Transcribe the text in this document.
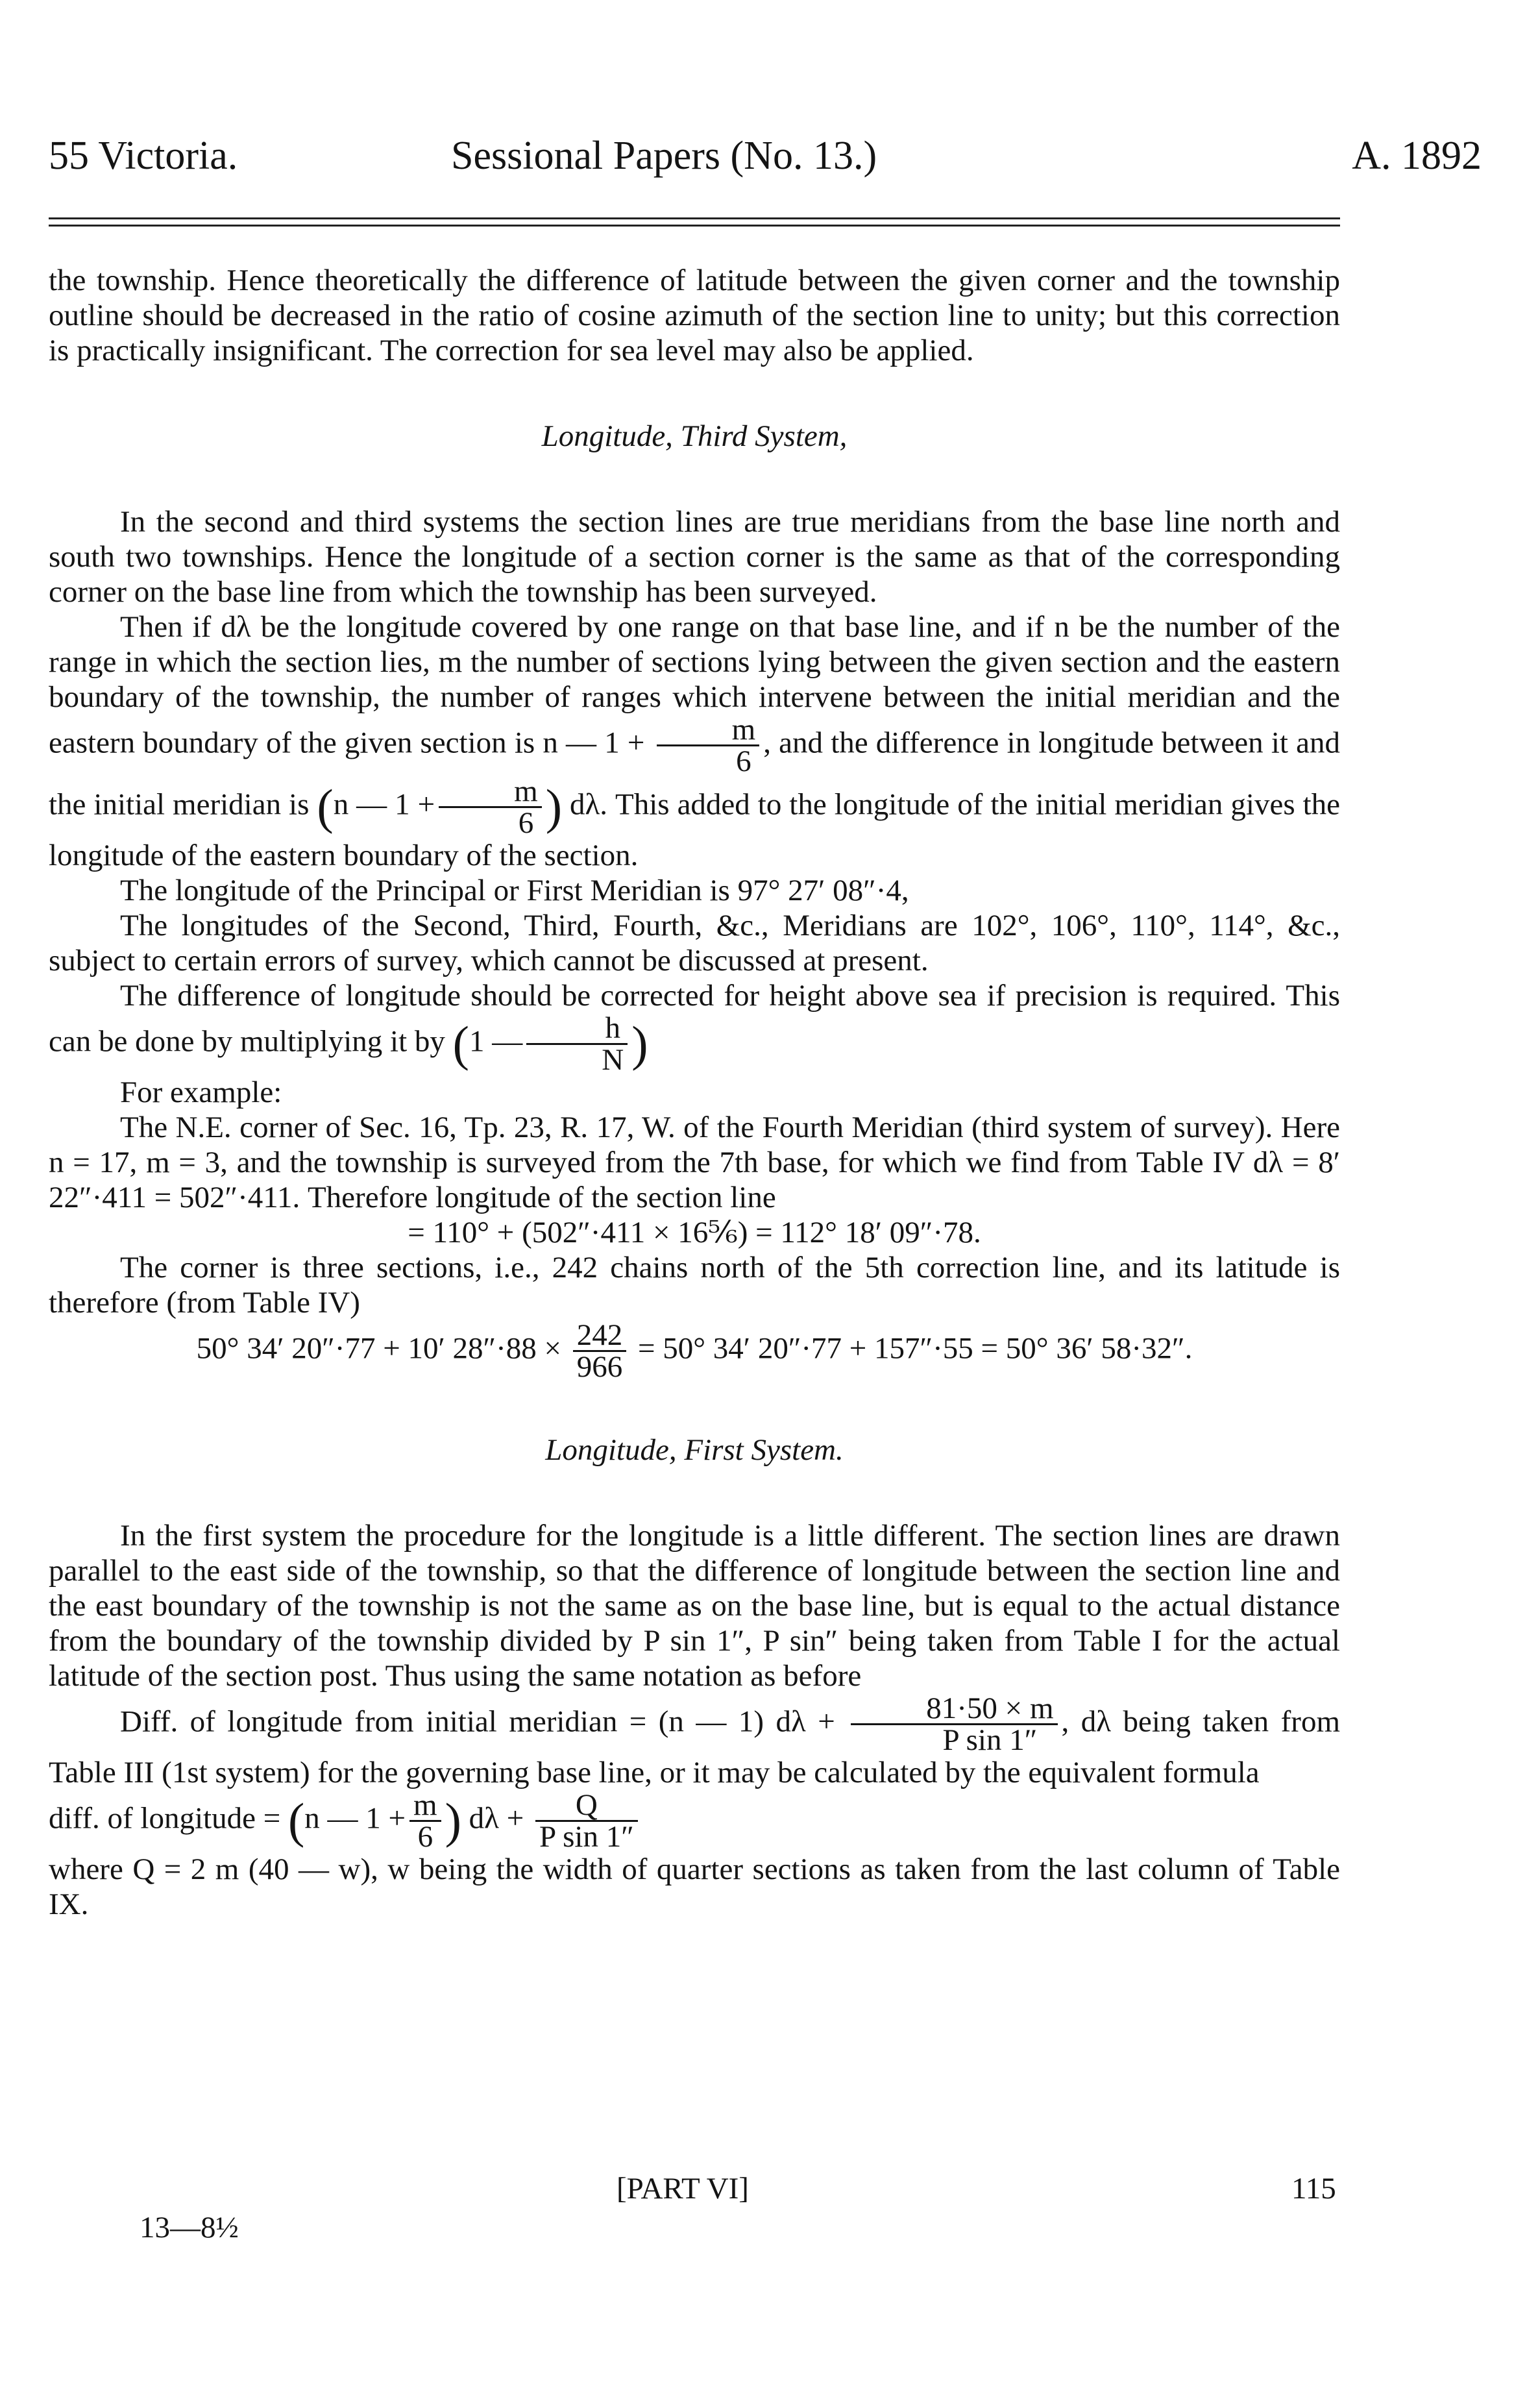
55 Victoria.	Sessional Papers (No. 13.)	A. 1892

the township. Hence theoretically the difference of latitude between the given corner and the township outline should be decreased in the ratio of cosine azimuth of the section line to unity; but this correction is practically insignificant. The correction for sea level may also be applied.

Longitude, Third System,

In the second and third systems the section lines are true meridians from the base line north and south two townships. Hence the longitude of a section corner is the same as that of the corresponding corner on the base line from which the township has been surveyed.

Then if dλ be the longitude covered by one range on that base line, and if n be the number of the range in which the section lies, m the number of sections lying between the given section and the eastern boundary of the township, the number of ranges which intervene between the initial meridian and the eastern boundary of the given section is n — $1 + \frac{m}{6}$ , and the difference in longitude between it and the initial meridian is (n — $1 + \frac{m}{6}$ ) dλ. This added to the longitude of the initial meridian gives the longitude of the eastern boundary of the section.

The longitude of the Principal or First Meridian is 97° 27′ 08″·4,

The longitudes of the Second, Third, Fourth, &c., Meridians are 102°, 106°, 110°, 114°, &c., subject to certain errors of survey, which cannot be discussed at present.

The difference of longitude should be corrected for height above sea if precision is required. This can be done by multiplying it by (1 — $\frac{h}{N}$ )

For example:

The N.E. corner of Sec. 16, Tp. 23, R. 17, W. of the Fourth Meridian (third system of survey). Here n = 17, m = 3, and the township is surveyed from the 7th base, for which we find from Table IV dλ = 8′ 22″·411 = 502″·411. Therefore longitude of the section line

= 110° + (502″·411 × 16⅚) = 112° 18′ 09″·78.

The corner is three sections, i.e., 242 chains north of the 5th correction line, and its latitude is therefore (from Table IV)

50° 34′ 20″·77 + 10′ $28''\cdot 88 \times \frac{242}{966} = 50^\circ$ 34′ 20″·77 + 157″·55 = 50° 36′ 58·32″.

Longitude, First System.

In the first system the procedure for the longitude is a little different. The section lines are drawn parallel to the east side of the township, so that the difference of longitude between the section line and the east boundary of the township is not the same as on the base line, but is equal to the actual distance from the boundary of the township divided by P sin 1″, P sin″ being taken from Table I for the actual latitude of the section post. Thus using the same notation as before

Diff. of longitude from initial meridian = (n — 1) $d\lambda + \frac{81\cdot 50 \times m}{\text{P sin 1″}}$ , dλ being taken from Table III (1st system) for the governing base line, or it may be calculated by the equivalent formula

diff. of longitude = (n — $1 + \frac{m}{6}$ ) $d\lambda + \frac{Q}{\text{P sin 1″}}$

where Q = 2 m (40 — w), w being the width of quarter sections as taken from the last column of Table IX.

[PART VI]	115
13—8½
